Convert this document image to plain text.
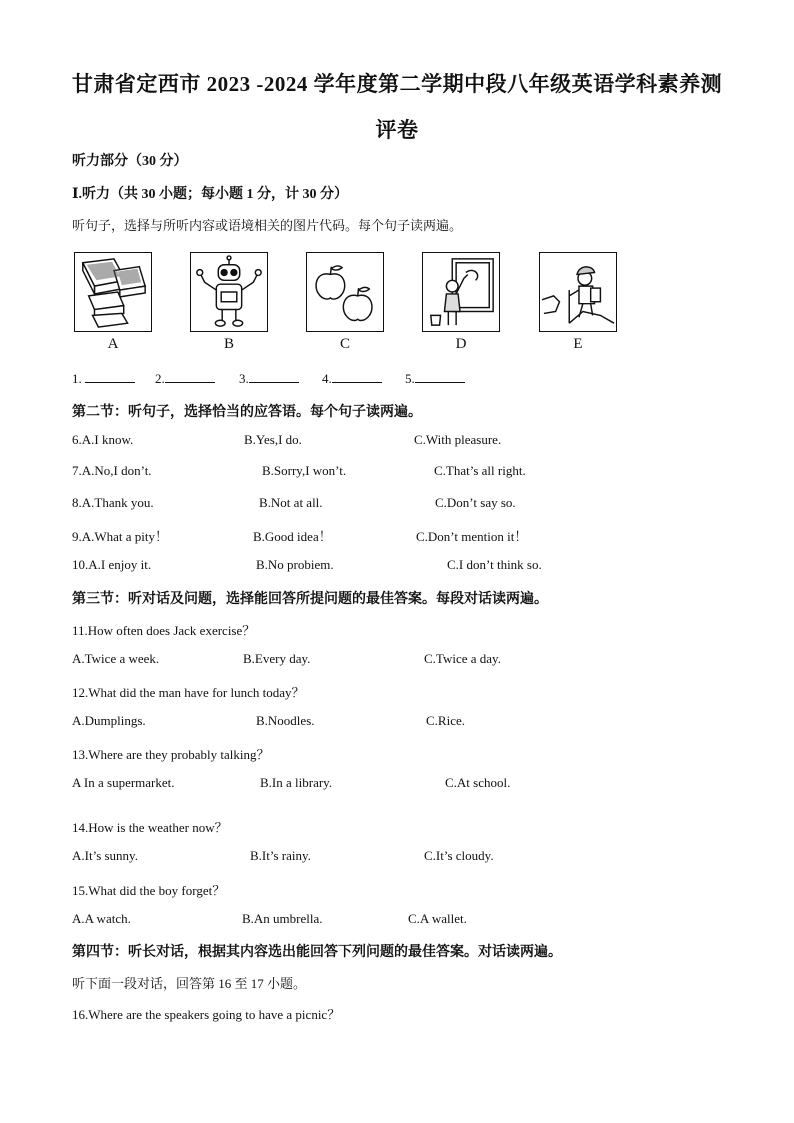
甘肃省定西市 2023 -2024 学年度第二学期中段八年级英语学科素养测
评卷
听力部分（30 分）
Ⅰ.听力（共 30 小题；每小题 1 分，计 30 分）
听句子，选择与所听内容或语境相关的图片代码。每个句子读两遍。
A	B	C	D	E
1.	2.	3.	4.	5.
第二节：听句子，选择恰当的应答语。每个句子读两遍。
6.A.I know.	B.Yes,I do.	C.With pleasure.
7.A.No,I don’t.	B.Sorry,I won’t.	C.That’s all right.
8.A.Thank you.	B.Not at all.	C.Don’t say so.
9.A.What a pity！	B.Good idea！	C.Don’t mention it！
10.A.I enjoy it.	B.No probiem.	C.I don’t think so.
第三节：听对话及问题，选择能回答所提问题的最佳答案。每段对话读两遍。
11.How often does Jack exercise？
A.Twice a week.	B.Every day.	C.Twice a day.
12.What did the man have for lunch today？
A.Dumplings.	B.Noodles.	C.Rice.
13.Where are they probably talking？
A In a supermarket.	B.In a library.	C.At school.
14.How is the weather now？
A.It’s sunny.	B.It’s rainy.	C.It’s cloudy.
15.What did the boy forget？
A.A watch.	B.An umbrella.	C.A wallet.
第四节：听长对话，根据其内容选出能回答下列问题的最佳答案。对话读两遍。
听下面一段对话，回答第 16 至 17 小题。
16.Where are the speakers going to have a picnic？
